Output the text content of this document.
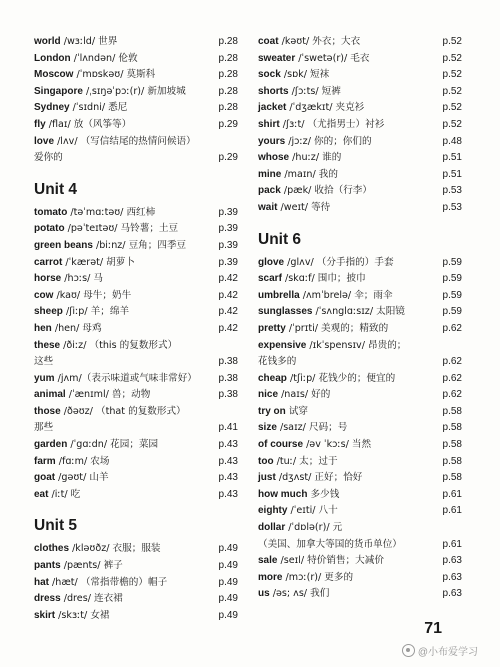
world /wɜːld/ 世界	p.28
London /ˈlʌndən/ 伦敦	p.28
Moscow /ˈmɒskəʊ/ 莫斯科	p.28
Singapore /ˌsɪŋəˈpɔː(r)/ 新加坡城	p.28
Sydney /ˈsɪdni/ 悉尼	p.28
fly /flaɪ/ 放（风筝等）	p.29
love /lʌv/ （写信结尾的热情问候语）
爱你的	p.29
Unit 4
tomato /təˈmɑːtəʊ/ 西红柿	p.39
potato /pəˈteɪtəʊ/ 马铃薯；土豆	p.39
green beans /biːnz/ 豆角；四季豆	p.39
carrot /ˈkærət/ 胡萝卜	p.39
horse /hɔːs/ 马	p.42
cow /kaʊ/ 母牛；奶牛	p.42
sheep /ʃiːp/ 羊；绵羊	p.42
hen /hen/ 母鸡	p.42
these /ðiːz/ （this 的复数形式）
这些	p.38
yum /jʌm/（表示味道或气味非常好） p.38
animal /ˈænɪml/ 兽；动物	p.38
those /ðəʊz/ （that 的复数形式）
那些	p.41
garden /ˈgɑːdn/ 花园；菜园	p.43
farm /fɑːm/ 农场	p.43
goat /gəʊt/ 山羊	p.43
eat /iːt/ 吃	p.43
Unit 5
clothes /kləʊðz/ 衣服；服装	p.49
pants /pænts/ 裤子	p.49
hat /hæt/ （常指带檐的）帽子	p.49
dress /dres/ 连衣裙	p.49
skirt /skɜːt/ 女裙	p.49
coat /kəʊt/ 外衣；大衣	p.52
sweater /ˈswetə(r)/ 毛衣	p.52
sock /sɒk/ 短袜	p.52
shorts /ʃɔːts/ 短裤	p.52
jacket /ˈdʒækɪt/ 夹克衫	p.52
shirt /ʃɜːt/ （尤指男士）衬衫	p.52
yours /jɔːz/ 你的；你们的	p.48
whose /huːz/ 谁的	p.51
mine /maɪn/ 我的	p.51
pack /pæk/ 收拾（行李）	p.53
wait /weɪt/ 等待	p.53
Unit 6
glove /glʌv/ （分手指的）手套	p.59
scarf /skɑːf/ 围巾；披巾	p.59
umbrella /ʌmˈbrelə/ 伞；雨伞	p.59
sunglasses /ˈsʌnglɑːsɪz/ 太阳镜	p.59
pretty /ˈprɪti/ 美观的；精致的	p.62
expensive /ɪkˈspensɪv/ 昂贵的；
花钱多的	p.62
cheap /tʃiːp/ 花钱少的；便宜的	p.62
nice /naɪs/ 好的	p.62
try on 试穿	p.58
size /saɪz/ 尺码；号	p.58
of course /əv ˈkɔːs/ 当然	p.58
too /tuː/ 太；过于	p.58
just /dʒʌst/ 正好；恰好	p.58
how much 多少钱	p.61
eighty /ˈeɪti/ 八十	p.61
dollar /ˈdɒlə(r)/ 元
（美国、加拿大等国的货币单位）	p.61
sale /seɪl/ 特价销售；大减价	p.63
more /mɔː(r)/ 更多的	p.63
us /əs; ʌs/ 我们	p.63
71
@小布爱学习
